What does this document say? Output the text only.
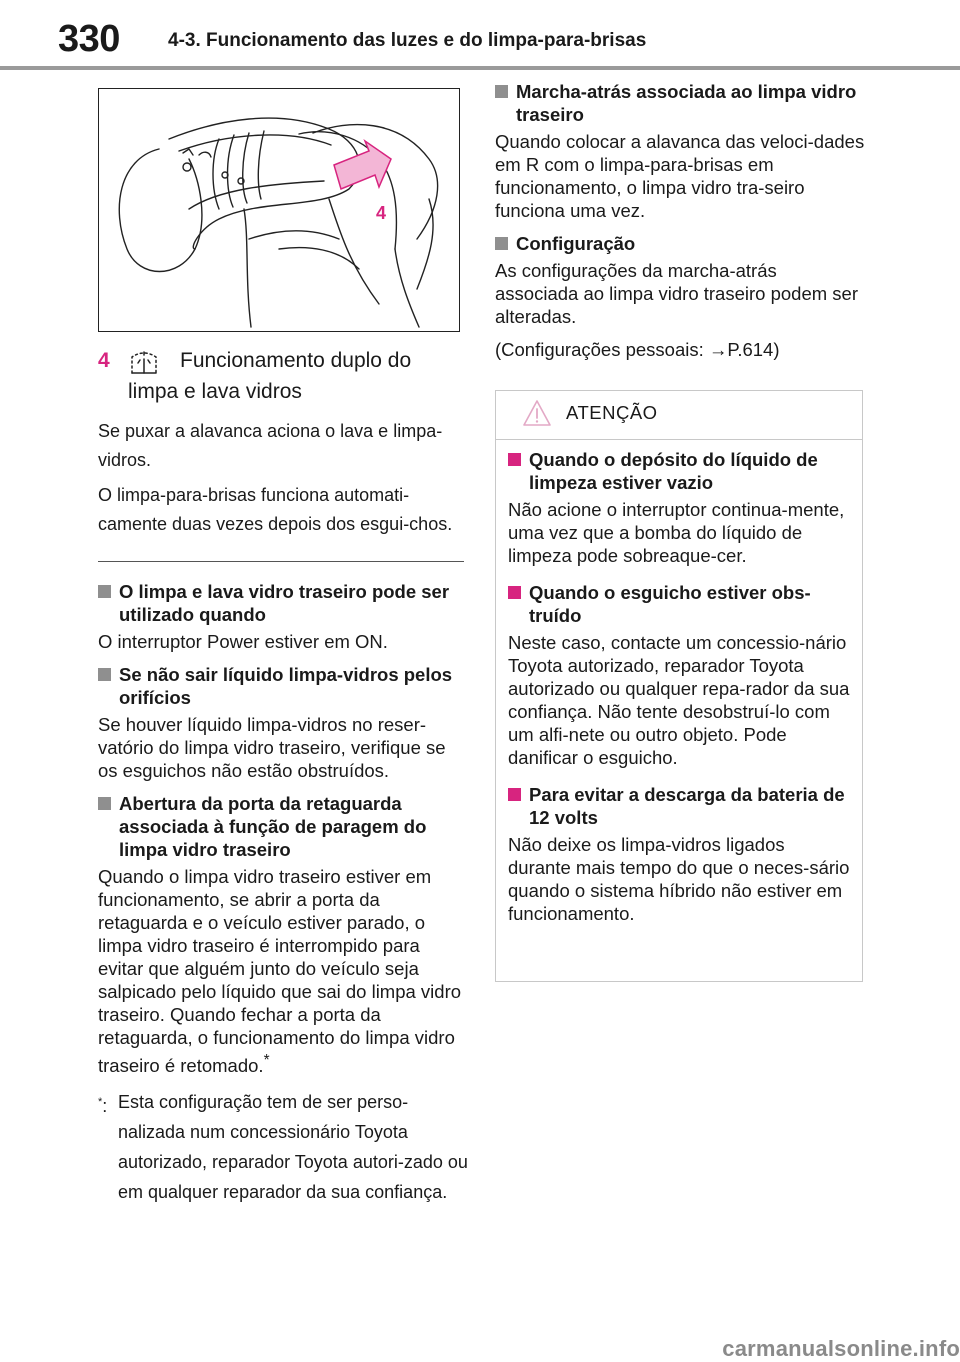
330	4-3. Funcionamento das luzes e do limpa-para-brisas
4
4	Funcionamento duplo do
limpa e lava vidros

Se puxar a alavanca aciona o lava e limpa-vidros.

O limpa-para-brisas funciona automati-camente duas vezes depois dos esgui-chos.

O limpa e lava vidro traseiro pode ser utilizado quando

O interruptor Power estiver em ON.

Se não sair líquido limpa-vidros pelos orifícios

Se houver líquido limpa-vidros no reser-vatório do limpa vidro traseiro, verifique se os esguichos não estão obstruídos.

Abertura da porta da retaguarda associada à função de paragem do limpa vidro traseiro

Quando o limpa vidro traseiro estiver em funcionamento, se abrir a porta da retaguarda e o veículo estiver parado, o limpa vidro traseiro é interrompido para evitar que alguém junto do veículo seja salpicado pelo líquido que sai do limpa vidro traseiro. Quando fechar a porta da retaguarda, o funcionamento do limpa vidro traseiro é retomado.*

*: Esta configuração tem de ser perso-nalizada num concessionário Toyota autorizado, reparador Toyota autori-zado ou em qualquer reparador da sua confiança.
Marcha-atrás associada ao limpa vidro traseiro

Quando colocar a alavanca das veloci-dades em R com o limpa-para-brisas em funcionamento, o limpa vidro tra-seiro funciona uma vez.

Configuração

As configurações da marcha-atrás associada ao limpa vidro traseiro podem ser alteradas.

(Configurações pessoais: →P.614)

ATENÇÃO
Quando o depósito do líquido de limpeza estiver vazio

Não acione o interruptor continua-mente, uma vez que a bomba do líquido de limpeza pode sobreaque-cer.

Quando o esguicho estiver obs-truído

Neste caso, contacte um concessio-nário Toyota autorizado, reparador Toyota autorizado ou qualquer repa-rador da sua confiança. Não tente desobstruí-lo com um alfi-nete ou outro objeto. Pode danificar o esguicho.

Para evitar a descarga da bateria de 12 volts

Não deixe os limpa-vidros ligados durante mais tempo do que o neces-sário quando o sistema híbrido não estiver em funcionamento.

carmanualsonline.info
